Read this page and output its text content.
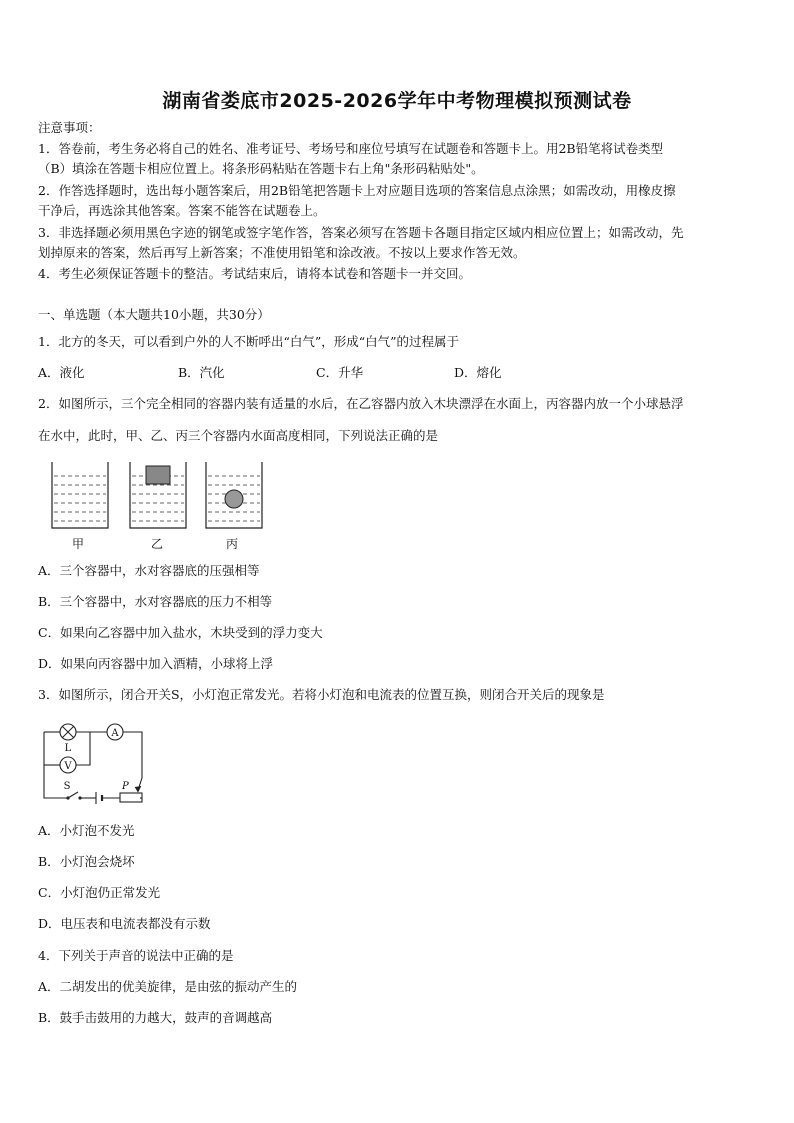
湖南省娄底市2025-2026学年中考物理模拟预测试卷
注意事项：
1．答卷前，考生务必将自己的姓名、准考证号、考场号和座位号填写在试题卷和答题卡上。用2B铅笔将试卷类型
（B）填涂在答题卡相应位置上。将条形码粘贴在答题卡右上角"条形码粘贴处"。
2．作答选择题时，选出每小题答案后，用2B铅笔把答题卡上对应题目选项的答案信息点涂黑；如需改动，用橡皮擦
干净后，再选涂其他答案。答案不能答在试题卷上。
3．非选择题必须用黑色字迹的钢笔或签字笔作答，答案必须写在答题卡各题目指定区域内相应位置上；如需改动，先
划掉原来的答案，然后再写上新答案；不准使用铅笔和涂改液。不按以上要求作答无效。
4．考生必须保证答题卡的整洁。考试结束后，请将本试卷和答题卡一并交回。
一、单选题（本大题共10小题，共30分）
1．北方的冬天，可以看到户外的人不断呼出“白气”，形成“白气”的过程属于
A．液化	B．汽化	C．升华	D．熔化
2．如图所示，三个完全相同的容器内装有适量的水后，在乙容器内放入木块漂浮在水面上，丙容器内放一个小球悬浮
在水中，此时，甲、乙、丙三个容器内水面高度相同，下列说法正确的是
甲	乙	丙
A．三个容器中，水对容器底的压强相等
B．三个容器中，水对容器底的压力不相等
C．如果向乙容器中加入盐水，木块受到的浮力变大
D．如果向丙容器中加入酒精，小球将上浮
3．如图所示，闭合开关S，小灯泡正常发光。若将小灯泡和电流表的位置互换，则闭合开关后的现象是
A
V
L
S	P
A．小灯泡不发光
B．小灯泡会烧坏
C．小灯泡仍正常发光
D．电压表和电流表都没有示数
4．下列关于声音的说法中正确的是
A．二胡发出的优美旋律，是由弦的振动产生的
B．鼓手击鼓用的力越大，鼓声的音调越高
